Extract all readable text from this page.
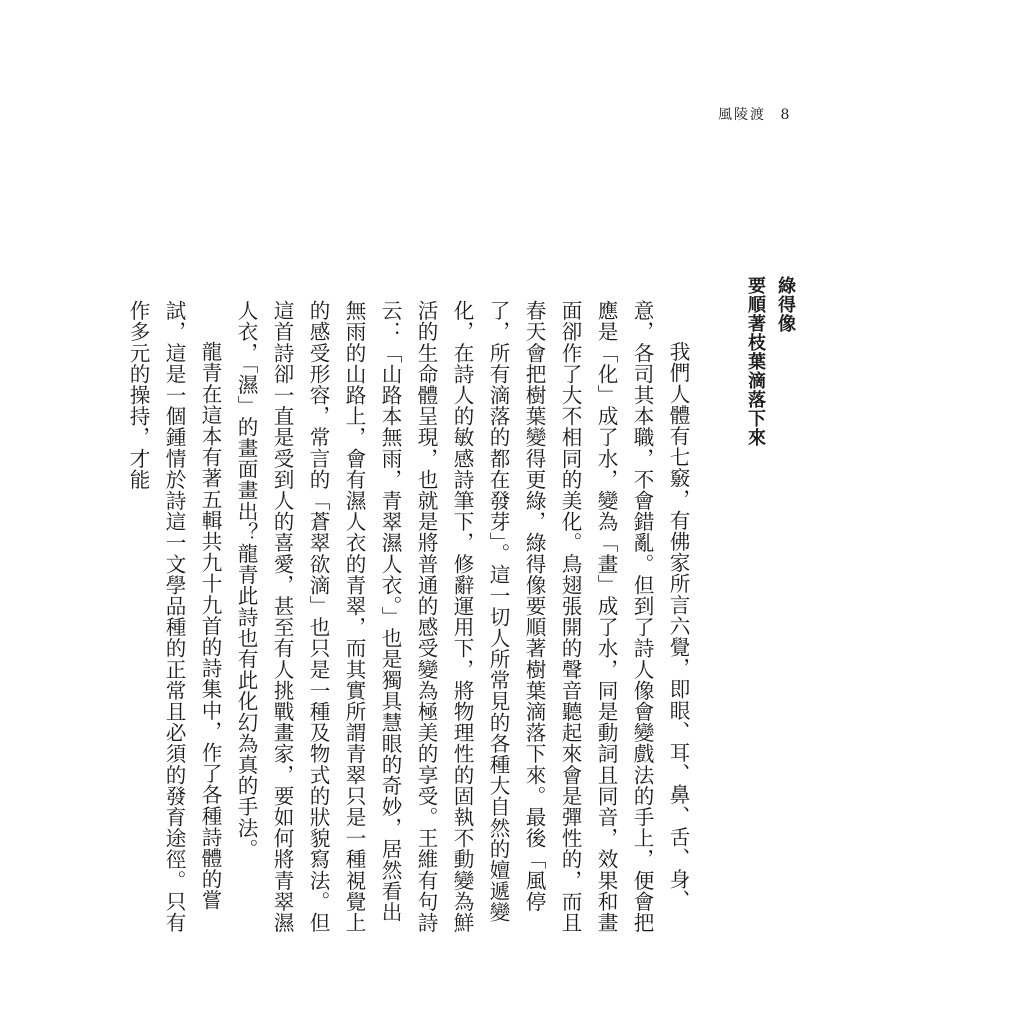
風陵渡 8
綠得像
要順著枝葉滴落下來

我們人體有七竅，有佛家所言六覺，即眼、耳、鼻、舌、身、意，各司其本職，不會錯亂。但到了詩人像會變戲法的手上，便會把應是「化」成了水，變為「畫」成了水，同是動詞且同音，效果和畫面卻作了大不相同的美化。鳥翅張開的聲音聽起來會是彈性的，而且春天會把樹葉變得更綠，綠得像要順著樹葉滴落下來。最後「風停了，所有滴落的都在發芽」。這一切人所常見的各種大自然的嬗遞變化，在詩人的敏感詩筆下，修辭運用下，將物理性的固執不動變為鮮活的生命體呈現，也就是將普通的感受變為極美的享受。王維有句詩云：「山路本無雨，青翠濕人衣。」也是獨具慧眼的奇妙，居然看出無雨的山路上，會有濕人衣的青翠，而其實所謂青翠只是一種視覺上的感受形容，常言的「蒼翠欲滴」也只是一種及物式的狀貌寫法。但這首詩卻一直是受到人的喜愛，甚至有人挑戰畫家，要如何將青翠濕人衣，「濕」的畫面畫出？龍青此詩也有此化幻為真的手法。

龍青在這本有著五輯共九十九首的詩集中，作了各種詩體的嘗試，這是一個鍾情於詩這一文學品種的正常且必須的發育途徑。只有作多元的操持，才能
